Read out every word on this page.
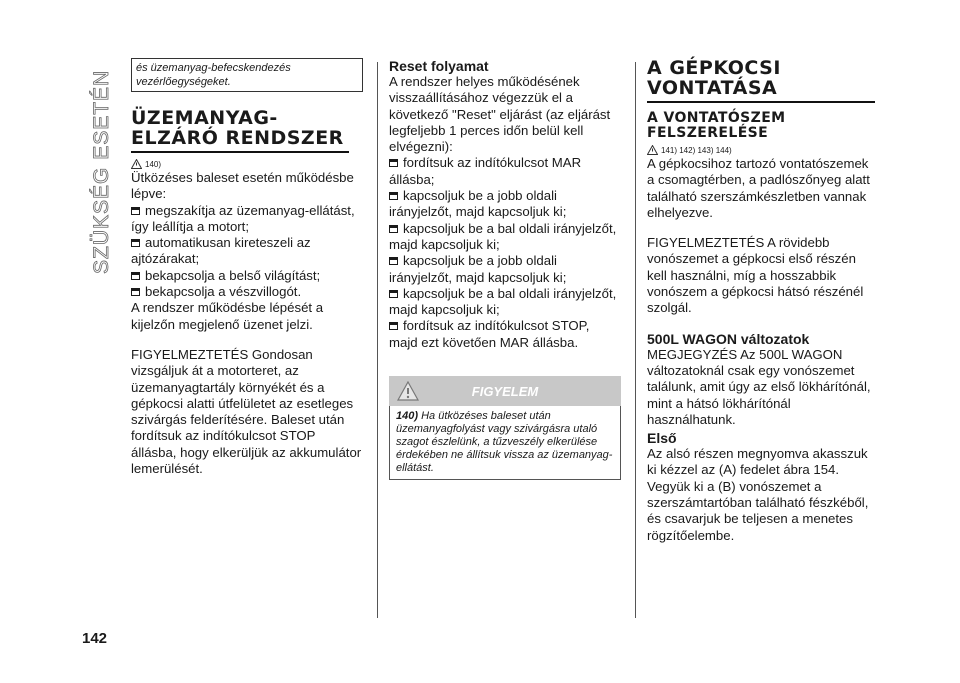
SZÜKSÉG ESETÉN
142
és üzemanyag-befecskendezés vezérlőegységeket.
ÜZEMANYAG-ELZÁRÓ RENDSZER
140)

Ütközéses baleset esetén működésbe lépve:

megszakítja az üzemanyag-ellátást, így leállítja a motort;

automatikusan kireteszeli az ajtózárakat;

bekapcsolja a belső világítást;

bekapcsolja a vészvillogót.

A rendszer működésbe lépését a kijelzőn megjelenő üzenet jelzi.

FIGYELMEZTETÉS Gondosan vizsgáljuk át a motorteret, az üzemanyagtartály környékét és a gépkocsi alatti útfelületet az esetleges szivárgás felderítésére. Baleset után fordítsuk az indítókulcsot STOP állásba, hogy elkerüljük az akkumulátor lemerülését.

Reset folyamat

A rendszer helyes működésének visszaállításához végezzük el a következő "Reset" eljárást (az eljárást legfeljebb 1 perces időn belül kell elvégezni):

fordítsuk az indítókulcsot MAR állásba;

kapcsoljuk be a jobb oldali irányjelzőt, majd kapcsoljuk ki;

kapcsoljuk be a bal oldali irányjelzőt, majd kapcsoljuk ki;

kapcsoljuk be a jobb oldali irányjelzőt, majd kapcsoljuk ki;

kapcsoljuk be a bal oldali irányjelzőt, majd kapcsoljuk ki;

fordítsuk az indítókulcsot STOP, majd ezt követően MAR állásba.

FIGYELEM
140) Ha ütközéses baleset után üzemanyagfolyást vagy szivárgásra utaló szagot észlelünk, a tűzveszély elkerülése érdekében ne állítsuk vissza az üzemanyag-ellátást.
A GÉPKOCSI VONTATÁSA
A VONTATÓSZEM FELSZERELÉSE
141) 142) 143) 144)

A gépkocsihoz tartozó vontatószemek a csomagtérben, a padlószőnyeg alatt található szerszámkészletben vannak elhelyezve.

FIGYELMEZTETÉS A rövidebb vonószemet a gépkocsi első részén kell használni, míg a hosszabbik vonószem a gépkocsi hátsó részénél szolgál.

500L WAGON változatok

MEGJEGYZÉS Az 500L WAGON változatoknál csak egy vonószemet találunk, amit úgy az első lökhárítónál, mint a hátsó lökhárítónál használhatunk.

Első

Az alsó részen megnyomva akasszuk ki kézzel az (A) fedelet ábra 154. Vegyük ki a (B) vonószemet a szerszámtartóban található fészkéből, és csavarjuk be teljesen a menetes rögzítőelembe.
